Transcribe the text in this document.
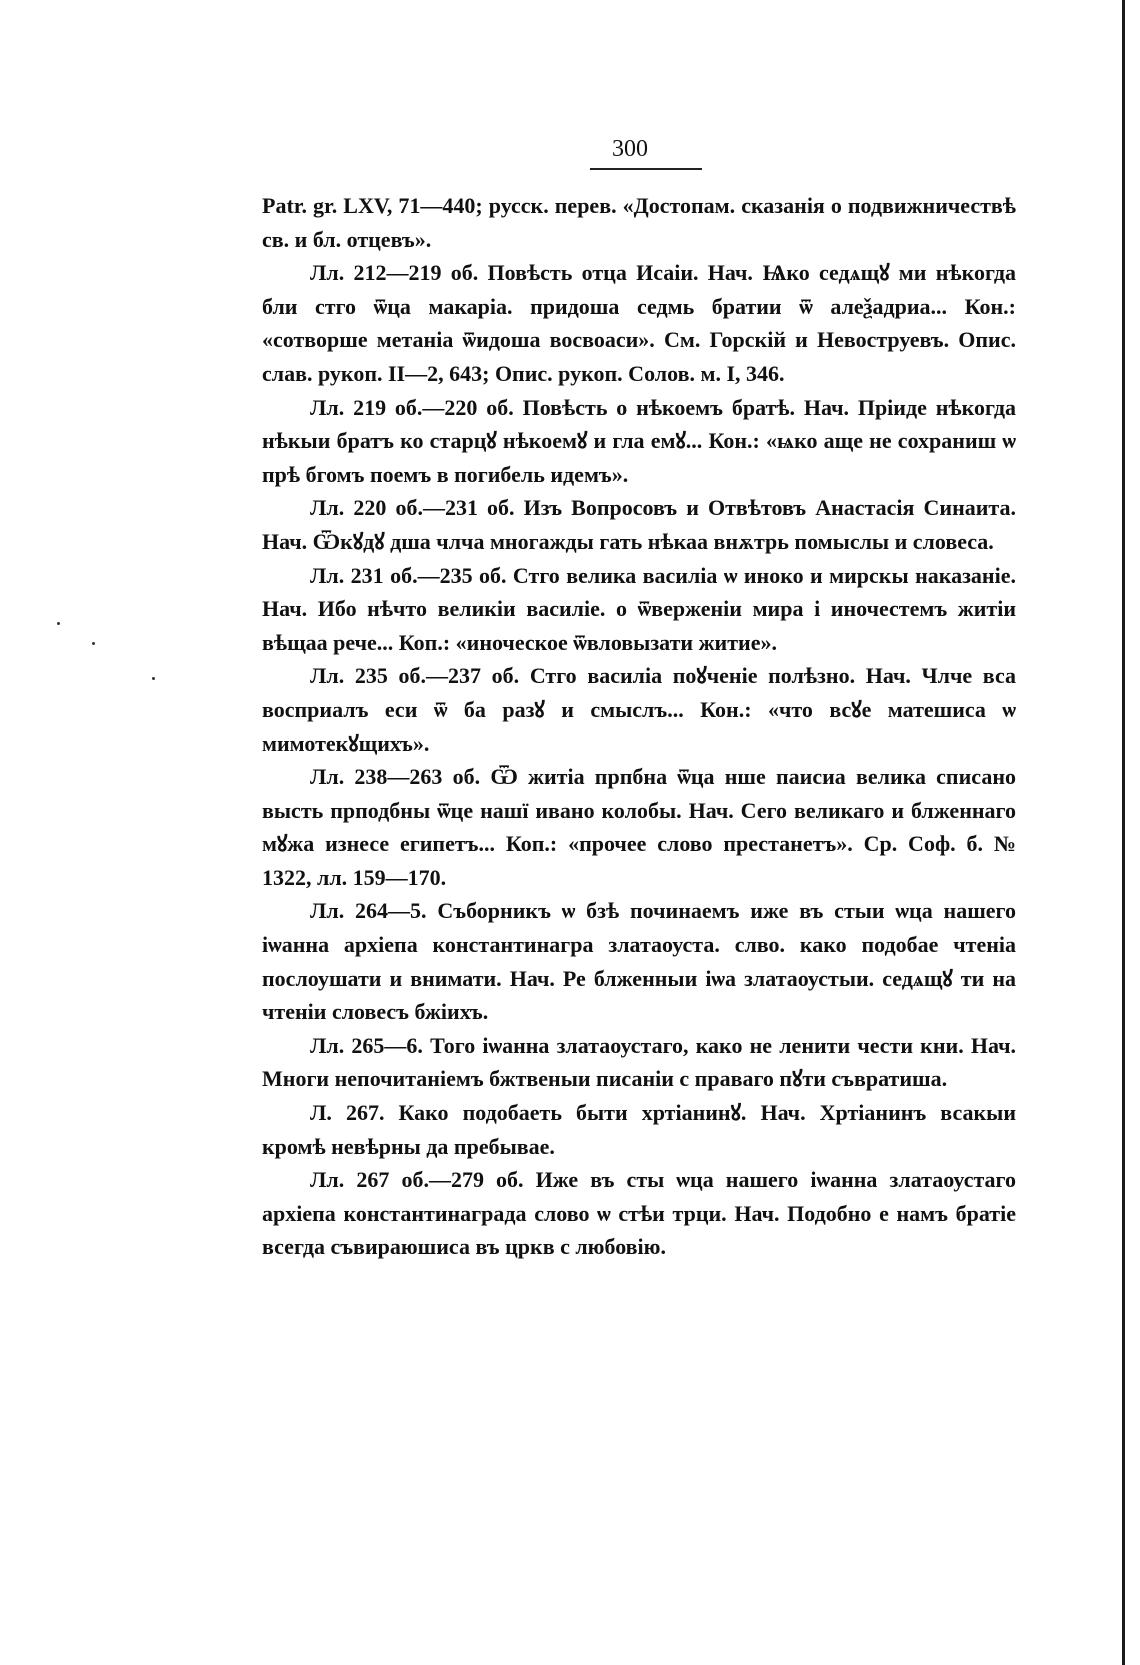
300

Patr. gr. LXV, 71—440; русск. перев. «Достопам. сказанія о подвижничествѣ св. и бл. отцевъ».

Лл. 212—219 об. Повѣсть отца Исаіи. Нач. Ѩко седѧщꙋ ми нѣкогда бли стго ѿца макаріа. придоша седмь братии ѿ алеѯадриа... Кон.: «сотворше метаніа ѿидоша восвоаси». См. Горскій и Невоструевъ. Опис. слав. рукоп. II—2, 643; Опис. рукоп. Солов. м. I, 346.

Лл. 219 об.—220 об. Повѣсть о нѣкоемъ братѣ. Нач. Пріиде нѣкогда нѣкыи братъ ко старцꙋ нѣкоемꙋ и гла емꙋ... Кон.: «ѩко аще не сохраниш ѡ прѣ бгомъ поемъ в погибель идемъ».

Лл. 220 об.—231 об. Изъ Вопросовъ и Отвѣтовъ Анастасія Синаита. Нач. Ѿкꙋдꙋ дша члча многажды гать нѣкаа внѫтрь помыслы и словеса.

Лл. 231 об.—235 об. Стго велика василіа ѡ иноко и мирскы наказаніе. Нач. Ибо нѣчто великіи василіе. о ѿверженіи мира і иночестемъ житіи вѣщаа рече... Коп.: «иноческое ѿвловызати житие».

Лл. 235 об.—237 об. Стго василіа поꙋченіе полѣзно. Нач. Члче вса восприалъ еси ѿ ба разꙋ и смыслъ... Кон.: «что всꙋе матешиса ѡ мимотекꙋщихъ».

Лл. 238—263 об. Ѿ житіа прпбна ѿца нше паисиа велика списано высть прподбны ѿце нашї ивано колобы. Нач. Сего великаго и блженнаго мꙋжа изнесе египетъ... Коп.: «прочее слово престанетъ». Ср. Соф. б. № 1322, лл. 159—170.

Лл. 264—5. Съборникъ ѡ бзѣ починаемъ иже въ стыи ѡца нашего іѡанна архіепа константинагра златаоуста. слво. како подобае чтеніа послоушати и внимати. Нач. Ре блженныи іѡа златаоустыи. седѧщꙋ ти на чтеніи словесъ бжіихъ.

Лл. 265—6. Того іѡанна златаоустаго, како не ленити чести кни. Нач. Многи непочитаніемъ бжтвеныи писаніи с праваго пꙋти съвратиша.

Л. 267. Како подобаеть быти хртіанинꙋ. Нач. Хртіанинъ всакыи кромѣ невѣрны да пребывае.

Лл. 267 об.—279 об. Иже въ сты ѡца нашего іѡанна златаоустаго архіепа константинаграда слово ѡ стѣи трци. Нач. Подобно е намъ братіе всегда съвираюшиса въ цркв с любовію.
